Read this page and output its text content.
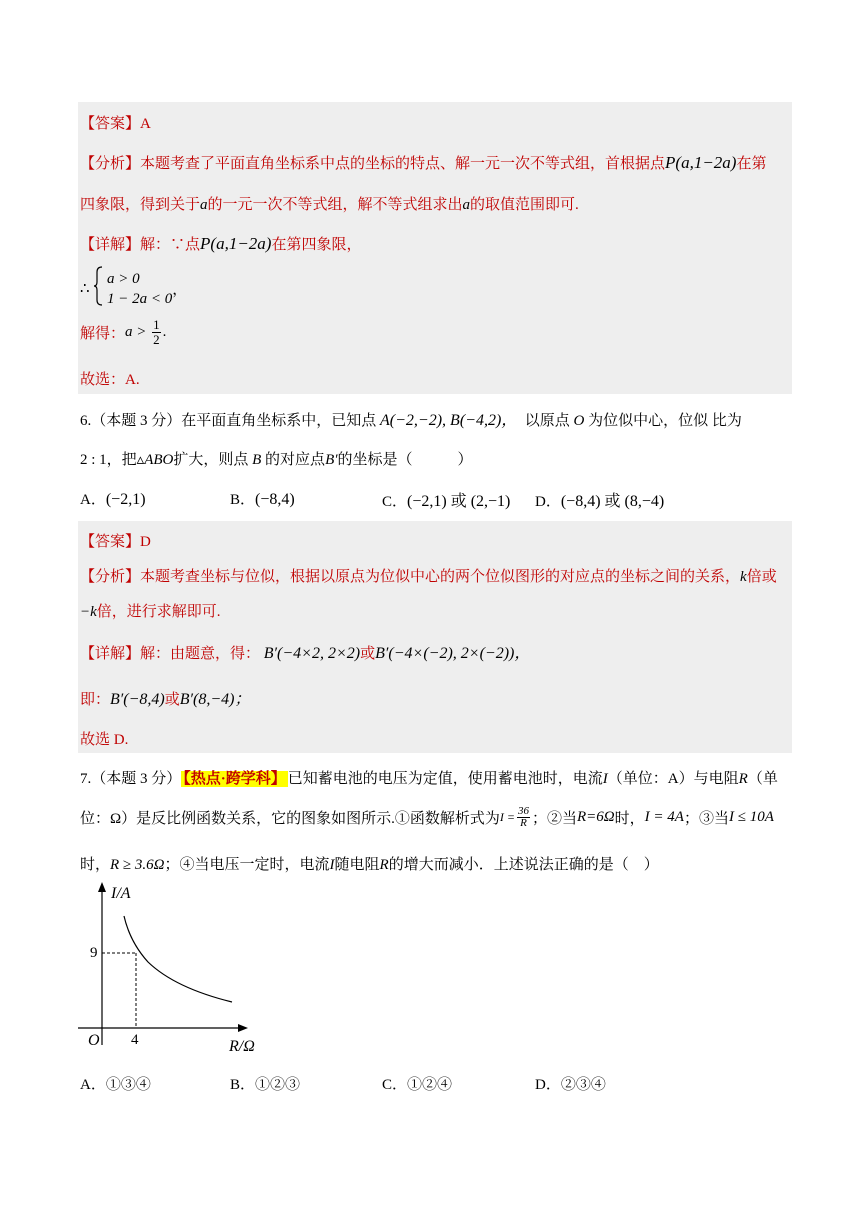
【答案】A
【分析】本题考查了平面直角坐标系中点的坐标的特点、解一元一次不等式组，首根据点P(a,1−2a)在第
四象限，得到关于a的一元一次不等式组，解不等式组求出a的取值范围即可.
【详解】解：∵点P(a,1−2a)在第四象限，
∴
a > 0
1 − 2a < 0
，
解得：$a > \frac{1}{2}$ .
故选：A.
6.（本题 3 分）在平面直角坐标系中，已知点 A(−2,−2), B(−4,2)， 以原点 O 为位似中心，位似 比为
2 : 1，把▵ABO扩大，则点 B 的对应点B′的坐标是（　　　）
A．(−2,1)	B．(−8,4)	C．(−2,1) 或 (2,−1) D．(−8,4) 或 (8,−4)
【答案】D
【分析】本题考查坐标与位似，根据以原点为位似中心的两个位似图形的对应点的坐标之间的关系，k倍或
−k倍，进行求解即可.
【详解】解：由题意，得： B′(−4×2, 2×2)或B′(−4×(−2), 2×(−2))，
即：B′(−8,4)或B′(8,−4)；
故选 D.
7.（本题 3 分） 【热点·跨学科】 已知蓄电池的电压为定值，使用蓄电池时，电流I（单位：A）与电阻R（单
位：Ω）是反比例函数关系，它的图象如图所示.①函数解析式为$I = \frac{36}{R}$ ；②当R=6Ω时，I = 4A；③当I ≤ 10A
时，R ≥ 3.6Ω；④当电压一定时，电流I随电阻R的增大而减小．上述说法正确的是（　）
I/A
9
O 4	R/Ω
A．①③④	B．①②③	C．①②④	D．②③④
